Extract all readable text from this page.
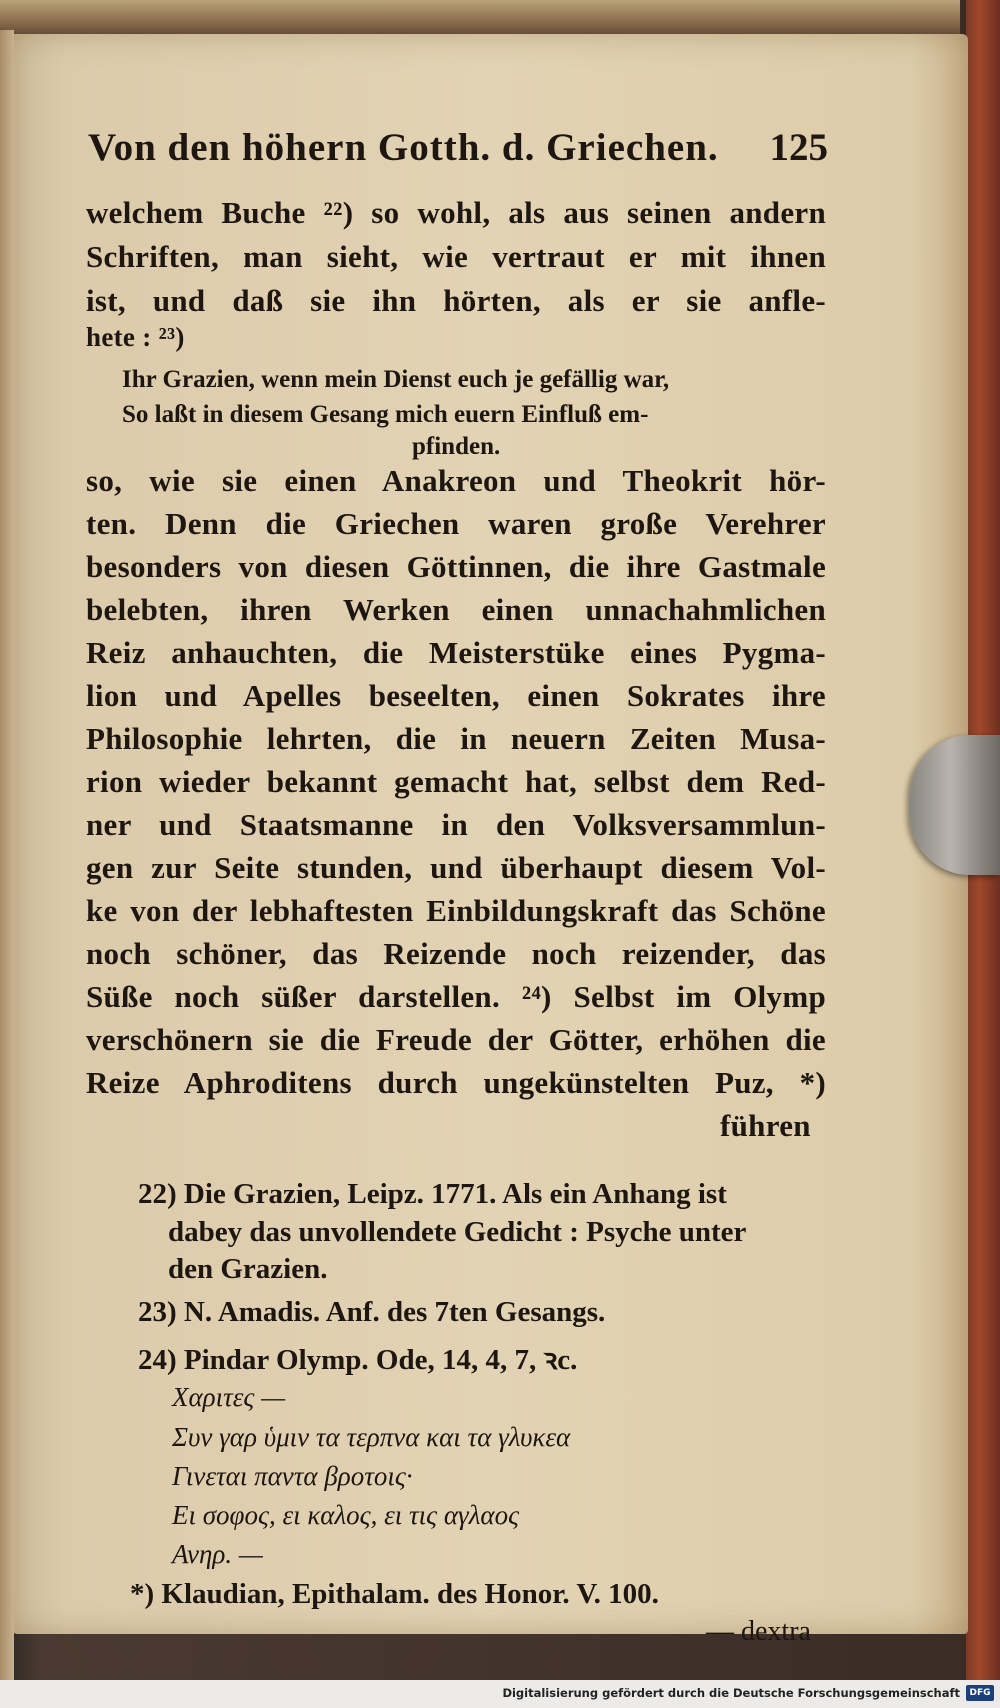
Von den höhern Gotth. d. Griechen. 125
welchem Buche ²²) so wohl, als aus seinen andern
Schriften, man sieht, wie vertraut er mit ihnen
ist, und daß sie ihn hörten, als er sie anfle-
hete : ²³)
Ihr Grazien, wenn mein Dienst euch je gefällig war,
So laßt in diesem Gesang mich euern Einfluß em-
pfinden.
so, wie sie einen Anakreon und Theokrit hör-
ten. Denn die Griechen waren große Verehrer
besonders von diesen Göttinnen, die ihre Gastmale
belebten, ihren Werken einen unnachahmlichen
Reiz anhauchten, die Meisterstüke eines Pygma-
lion und Apelles beseelten, einen Sokrates ihre
Philosophie lehrten, die in neuern Zeiten Musa-
rion wieder bekannt gemacht hat, selbst dem Red-
ner und Staatsmanne in den Volksversammlun-
gen zur Seite stunden, und überhaupt diesem Vol-
ke von der lebhaftesten Einbildungskraft das Schöne
noch schöner, das Reizende noch reizender, das
Süße noch süßer darstellen. ²⁴) Selbst im Olymp
verschönern sie die Freude der Götter, erhöhen die
Reize Aphroditens durch ungekünstelten Puz, *)
führen
22) Die Grazien, Leipz. 1771. Als ein Anhang ist
dabey das unvollendete Gedicht : Psyche unter
den Grazien.
23) N. Amadis. Anf. des 7ten Gesangs.
24) Pindar Olymp. Ode, 14, 4, 7, ꝛc.
Χαριτες —
Συν γαρ ὑμιν τα τερπνα και τα γλυκεα
Γινεται παντα βροτοις·
Ει σοφος, ει καλος, ει τις αγλαος
Ανηρ. —
*) Klaudian, Epithalam. des Honor. V. 100.
— dextra
Digitalisierung gefördert durch die Deutsche Forschungsgemeinschaft	DFG
